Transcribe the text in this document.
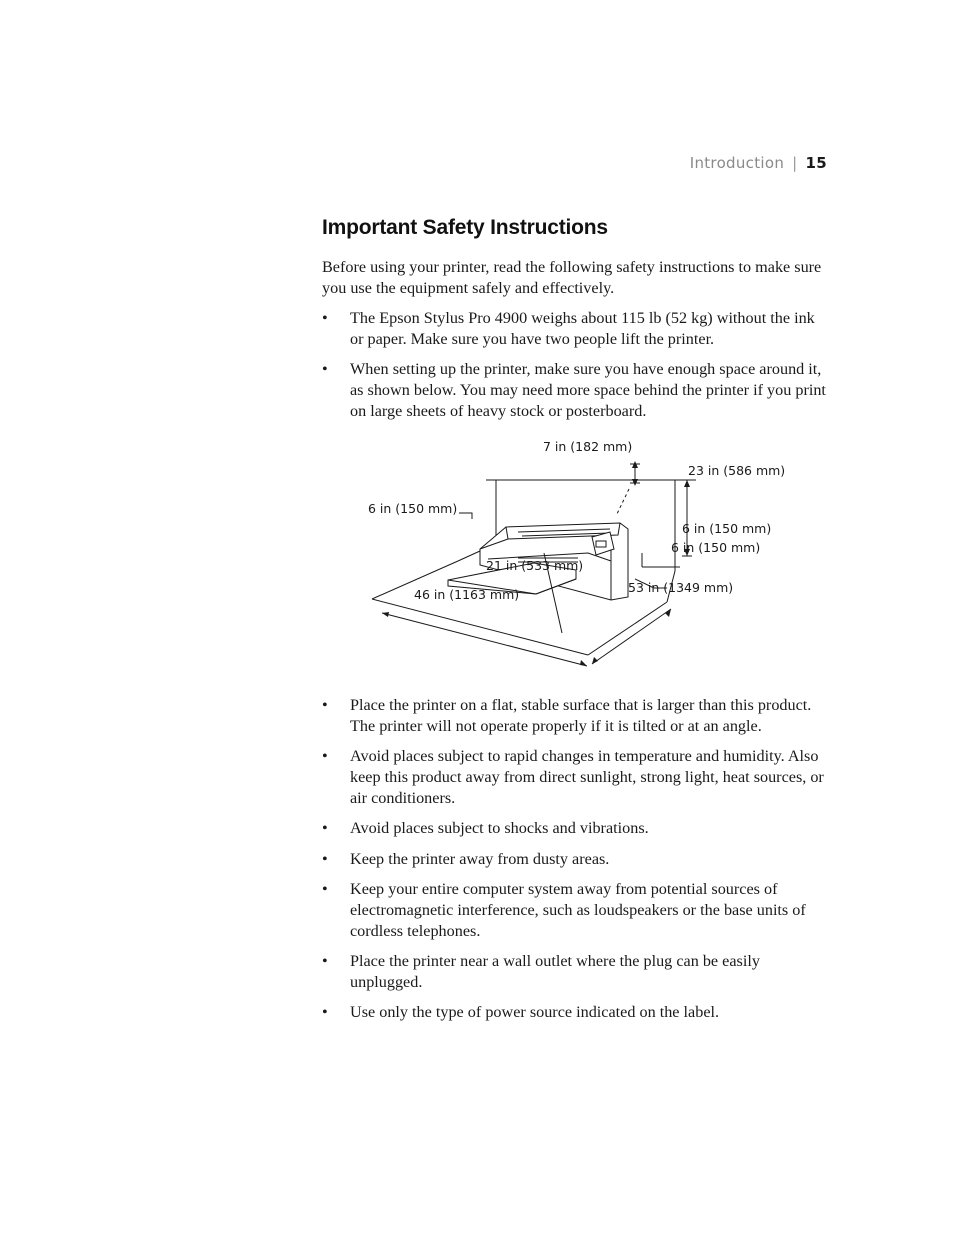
Introduction | 15
Important Safety Instructions

Before using your printer, read the following safety instructions to make sure you use the equipment safely and effectively.

• The Epson Stylus Pro 4900 weighs about 115 lb (52 kg) without the ink or paper. Make sure you have two people lift the printer.
• When setting up the printer, make sure you have enough space around it, as shown below. You may need more space behind the printer if you print on large sheets of heavy stock or posterboard.
7 in (182 mm)
23 in (586 mm)
6 in (150 mm)
6 in (150 mm)
6 in (150 mm)
21 in (533 mm)
53 in (1349 mm)
46 in (1163 mm)
• Place the printer on a flat, stable surface that is larger than this product. The printer will not operate properly if it is tilted or at an angle.
• Avoid places subject to rapid changes in temperature and humidity. Also keep this product away from direct sunlight, strong light, heat sources, or air conditioners.
• Avoid places subject to shocks and vibrations.
• Keep the printer away from dusty areas.
• Keep your entire computer system away from potential sources of electromagnetic interference, such as loudspeakers or the base units of cordless telephones.
• Place the printer near a wall outlet where the plug can be easily unplugged.
• Use only the type of power source indicated on the label.
